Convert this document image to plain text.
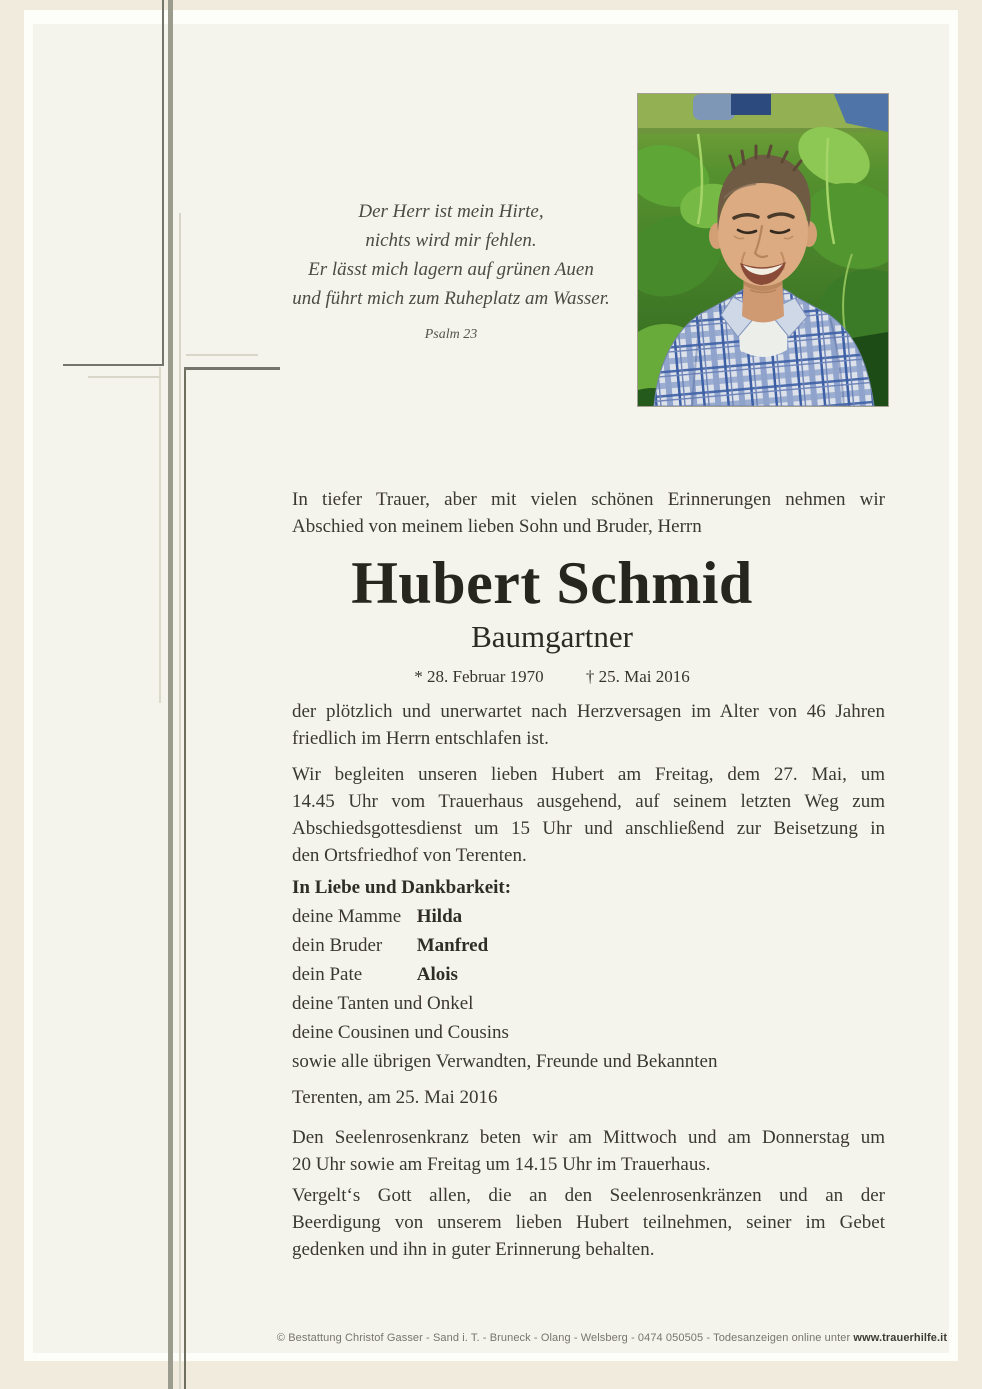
Der Herr ist mein Hirte,
nichts wird mir fehlen.
Er lässt mich lagern auf grünen Auen
und führt mich zum Ruheplatz am Wasser.
Psalm 23
In tiefer Trauer, aber mit vielen schönen Erinnerungen nehmen wir
Abschied von meinem lieben Sohn und Bruder, Herrn
Hubert Schmid
Baumgartner
* 28. Februar 1970 † 25. Mai 2016
der plötzlich und unerwartet nach Herzversagen im Alter von 46 Jahren
friedlich im Herrn entschlafen ist.
Wir begleiten unseren lieben Hubert am Freitag, dem 27. Mai, um
14.45 Uhr vom Trauerhaus ausgehend, auf seinem letzten Weg zum
Abschiedsgottesdienst um 15 Uhr und anschließend zur Beisetzung in
den Ortsfriedhof von Terenten.
In Liebe und Dankbarkeit:
deine Mamme Hilda
dein Bruder Manfred
dein Pate	Alois
deine Tanten und Onkel
deine Cousinen und Cousins
sowie alle übrigen Verwandten, Freunde und Bekannten
Terenten, am 25. Mai 2016
Den Seelenrosenkranz beten wir am Mittwoch und am Donnerstag um
20 Uhr sowie am Freitag um 14.15 Uhr im Trauerhaus.
Vergelt‘s Gott allen, die an den Seelenrosenkränzen und an der
Beerdigung von unserem lieben Hubert teilnehmen, seiner im Gebet
gedenken und ihn in guter Erinnerung behalten.
© Bestattung Christof Gasser - Sand i. T. - Bruneck - Olang - Welsberg - 0474 050505 - Todesanzeigen online unter www.trauerhilfe.it
